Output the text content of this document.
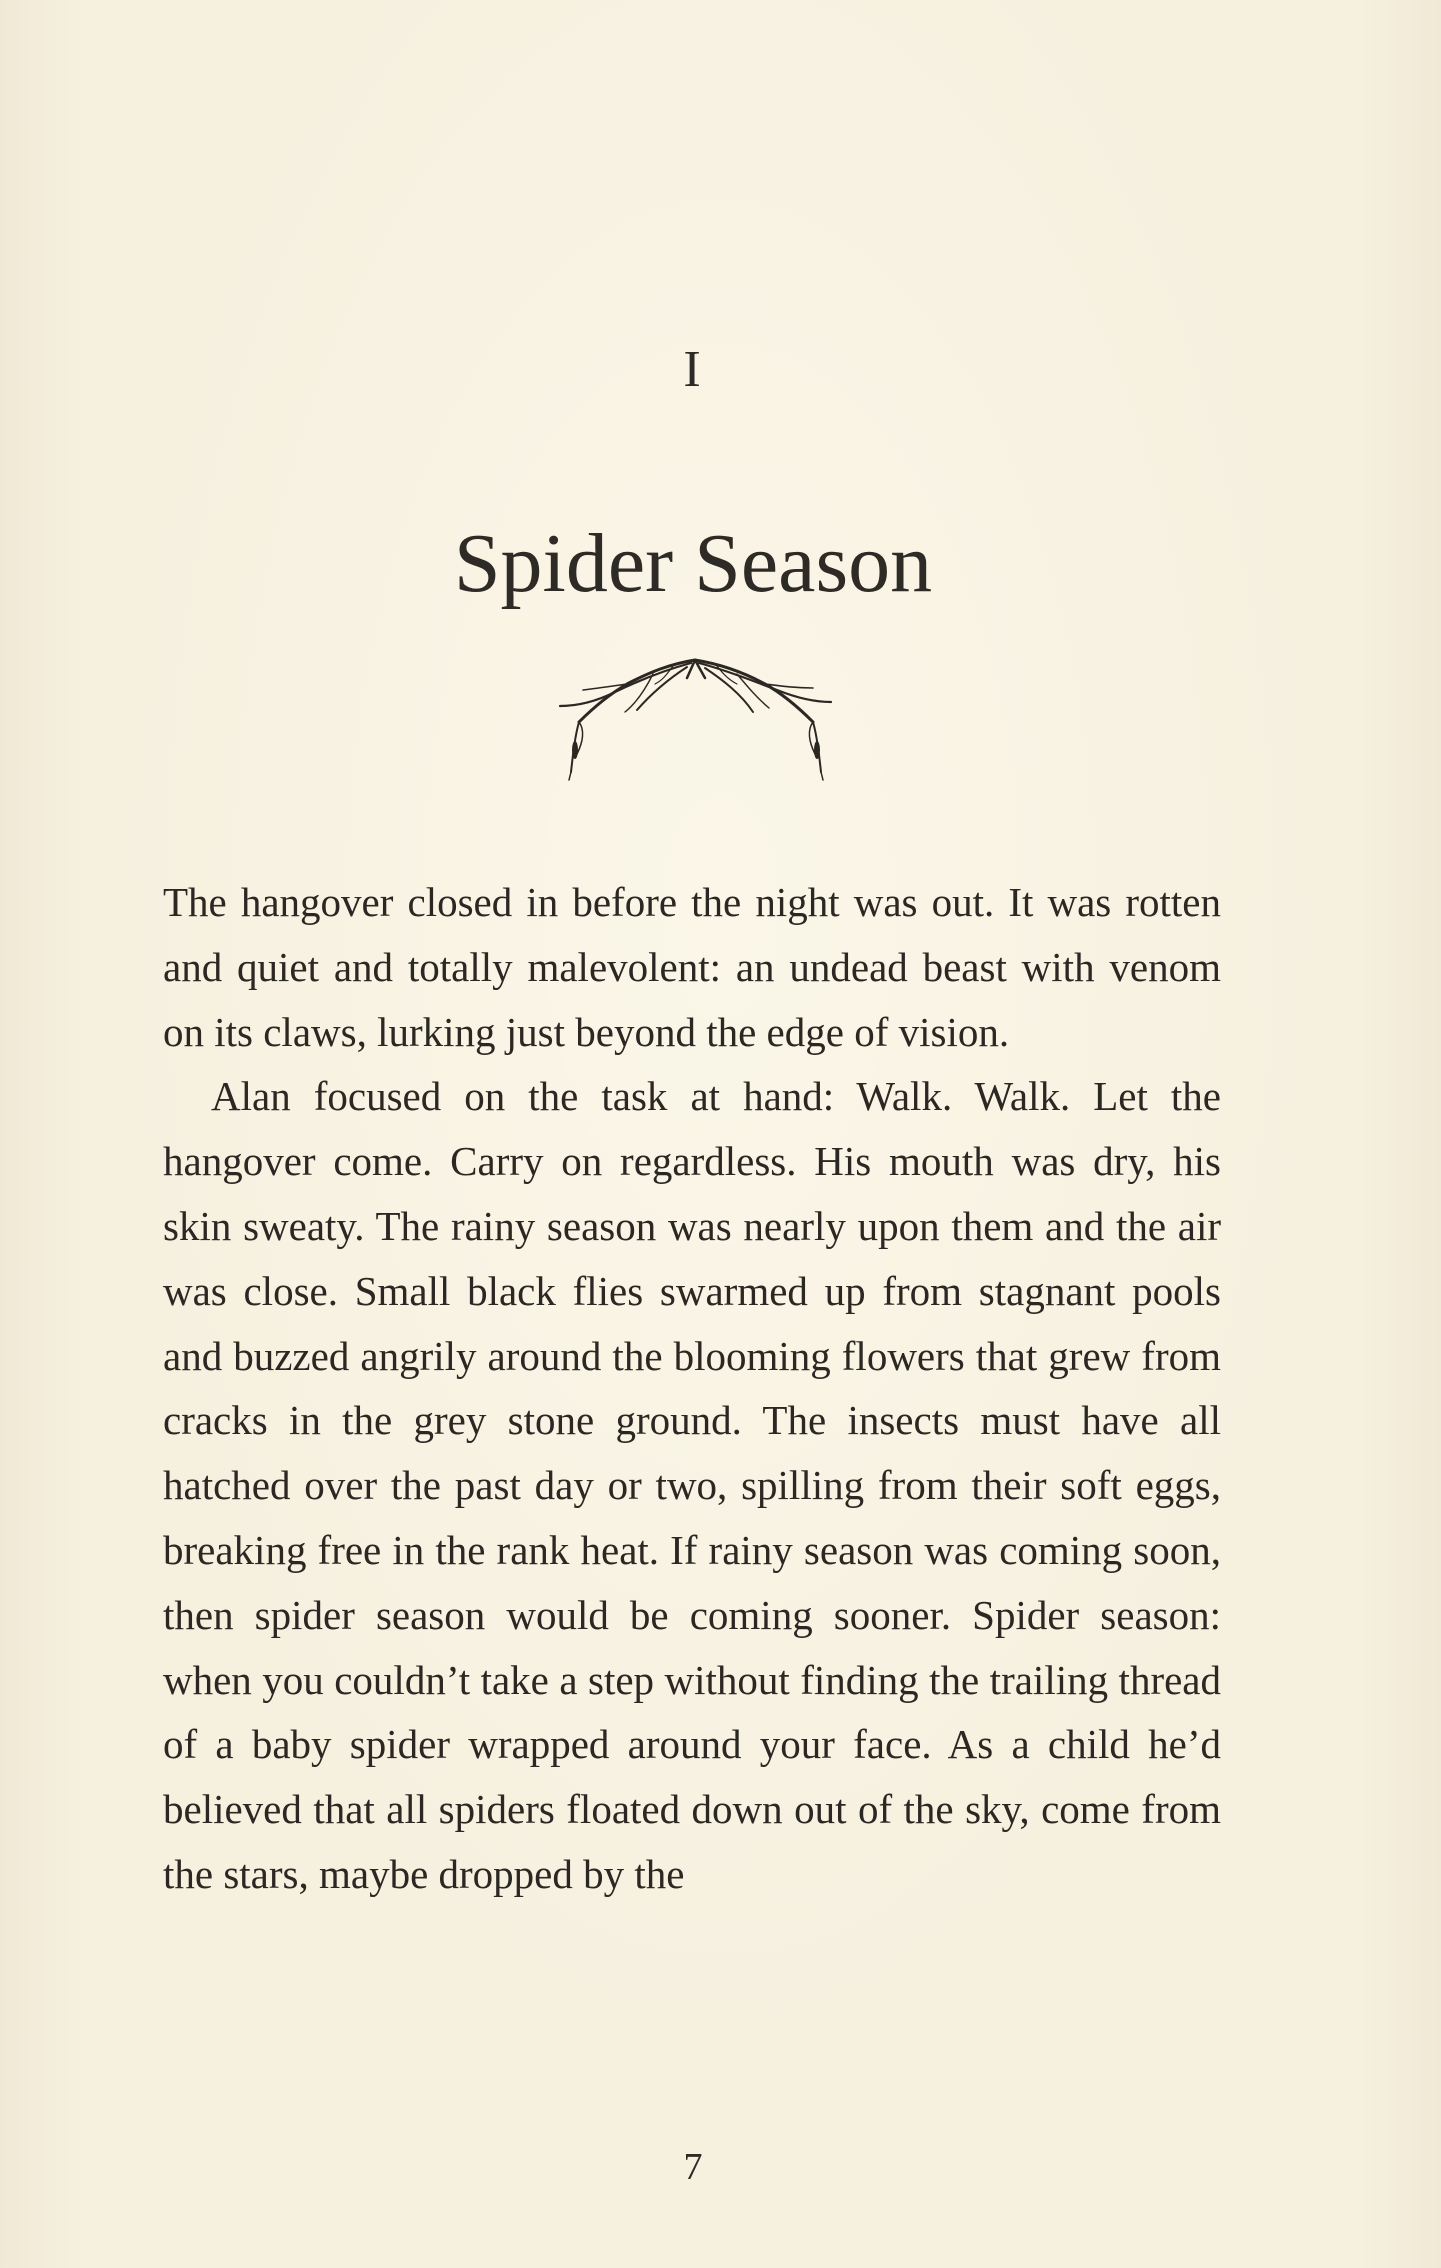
I
Spider Season

The hangover closed in before the night was out. It was rotten and quiet and totally malevolent: an undead beast with venom on its claws, lurking just beyond the edge of vision.

Alan focused on the task at hand: Walk. Walk. Let the hangover come. Carry on regardless. His mouth was dry, his skin sweaty. The rainy season was nearly upon them and the air was close. Small black flies swarmed up from stagnant pools and buzzed angrily around the blooming flowers that grew from cracks in the grey stone ground. The insects must have all hatched over the past day or two, spilling from their soft eggs, breaking free in the rank heat. If rainy season was coming soon, then spider season would be coming sooner. Spider season: when you couldn’t take a step without finding the trailing thread of a baby spider wrapped around your face. As a child he’d believed that all spiders floated down out of the sky, come from the stars, maybe dropped by the

7
